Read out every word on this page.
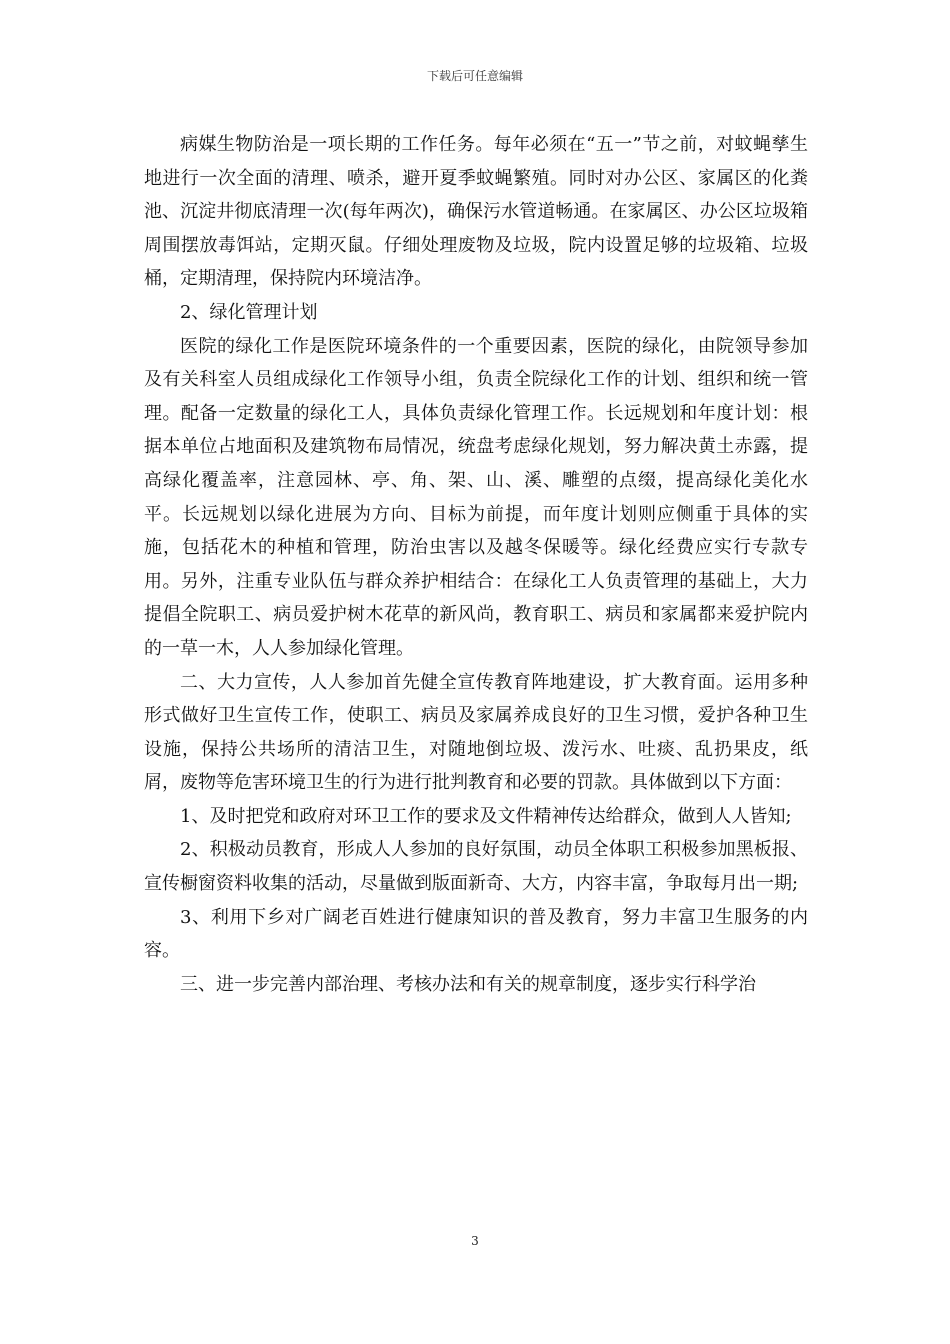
下载后可任意编辑

病媒生物防治是一项长期的工作任务。每年必须在“五一”节之前，对蚊蝇孳生地进行一次全面的清理、喷杀，避开夏季蚊蝇繁殖。同时对办公区、家属区的化粪池、沉淀井彻底清理一次(每年两次)，确保污水管道畅通。在家属区、办公区垃圾箱周围摆放毒饵站，定期灭鼠。仔细处理废物及垃圾，院内设置足够的垃圾箱、垃圾桶，定期清理，保持院内环境洁净。

2、绿化管理计划

医院的绿化工作是医院环境条件的一个重要因素，医院的绿化，由院领导参加及有关科室人员组成绿化工作领导小组，负责全院绿化工作的计划、组织和统一管理。配备一定数量的绿化工人，具体负责绿化管理工作。长远规划和年度计划：根据本单位占地面积及建筑物布局情况，统盘考虑绿化规划，努力解决黄土赤露，提高绿化覆盖率，注意园林、亭、角、架、山、溪、雕塑的点缀，提高绿化美化水平。长远规划以绿化进展为方向、目标为前提，而年度计划则应侧重于具体的实施，包括花木的种植和管理，防治虫害以及越冬保暖等。绿化经费应实行专款专用。另外，注重专业队伍与群众养护相结合：在绿化工人负责管理的基础上，大力提倡全院职工、病员爱护树木花草的新风尚，教育职工、病员和家属都来爱护院内的一草一木，人人参加绿化管理。

二、大力宣传，人人参加首先健全宣传教育阵地建设，扩大教育面。运用多种形式做好卫生宣传工作，使职工、病员及家属养成良好的卫生习惯，爱护各种卫生设施，保持公共场所的清洁卫生，对随地倒垃圾、泼污水、吐痰、乱扔果皮，纸屑，废物等危害环境卫生的行为进行批判教育和必要的罚款。具体做到以下方面：

1、及时把党和政府对环卫工作的要求及文件精神传达给群众，做到人人皆知;

2、积极动员教育，形成人人参加的良好氛围，动员全体职工积极参加黑板报、宣传橱窗资料收集的活动，尽量做到版面新奇、大方，内容丰富，争取每月出一期;

3、利用下乡对广阔老百姓进行健康知识的普及教育，努力丰富卫生服务的内容。

三、进一步完善内部治理、考核办法和有关的规章制度，逐步实行科学治

3
